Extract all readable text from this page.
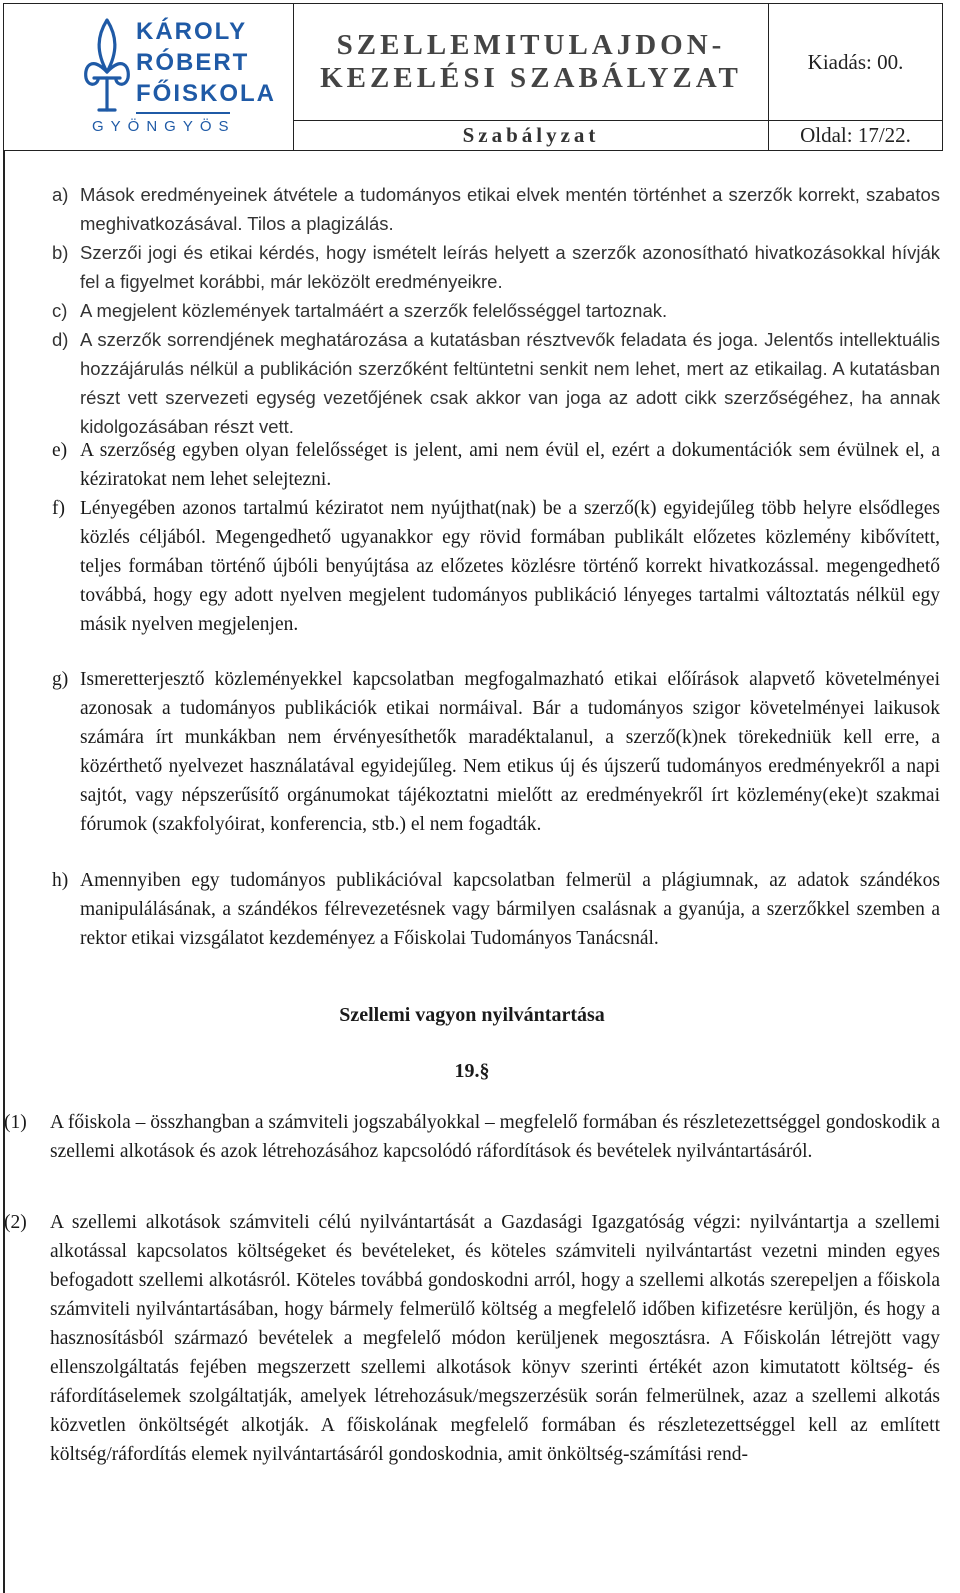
KÁROLY
RÓBERT
FŐISKOLA
GYÖNGYÖS
SZELLEMITULAJDON-
KEZELÉSI SZABÁLYZAT
Kiadás: 00.
Szabályzat	Oldal: 17/22.
a) Mások eredményeinek átvétele a tudományos etikai elvek mentén történhet a szerzők korrekt, szabatos meghivatkozásával. Tilos a plagizálás.

b) Szerzői jogi és etikai kérdés, hogy ismételt leírás helyett a szerzők azonosítható hivatkozásokkal hívják fel a figyelmet korábbi, már leközölt eredményeikre.

c) A megjelent közlemények tartalmáért a szerzők felelősséggel tartoznak.

d) A szerzők sorrendjének meghatározása a kutatásban résztvevők feladata és joga. Jelentős intellektuális hozzájárulás nélkül a publikáción szerzőként feltüntetni senkit nem lehet, mert az etikailag. A kutatásban részt vett szervezeti egység vezetőjének csak akkor van joga az adott cikk szerzőségéhez, ha annak kidolgozásában részt vett.

e) A szerzőség egyben olyan felelősséget is jelent, ami nem évül el, ezért a dokumentációk sem évülnek el, a kéziratokat nem lehet selejtezni.

f) Lényegében azonos tartalmú kéziratot nem nyújthat(nak) be a szerző(k) egyidejűleg több helyre elsődleges közlés céljából. Megengedhető ugyanakkor egy rövid formában publikált előzetes közlemény kibővített, teljes formában történő újbóli benyújtása az előzetes közlésre történő korrekt hivatkozással. megengedhető továbbá, hogy egy adott nyelven megjelent tudományos publikáció lényeges tartalmi változtatás nélkül egy másik nyelven megjelenjen.

g) Ismeretterjesztő közleményekkel kapcsolatban megfogalmazható etikai előírások alapvető követelményei azonosak a tudományos publikációk etikai normáival. Bár a tudományos szigor követelményei laikusok számára írt munkákban nem érvényesíthetők maradéktalanul, a szerző(k)nek törekedniük kell erre, a közérthető nyelvezet használatával egyidejűleg. Nem etikus új és újszerű tudományos eredményekről a napi sajtót, vagy népszerűsítő orgánumokat tájékoztatni mielőtt az eredményekről írt közlemény(eke)t szakmai fórumok (szakfolyóirat, konferencia, stb.) el nem fogadták.

h) Amennyiben egy tudományos publikációval kapcsolatban felmerül a plágiumnak, az adatok szándékos manipulálásának, a szándékos félrevezetésnek vagy bármilyen csalásnak a gyanúja, a szerzőkkel szemben a rektor etikai vizsgálatot kezdeményez a Főiskolai Tudományos Tanácsnál.

Szellemi vagyon nyilvántartása
19.§
(1) A főiskola – összhangban a számviteli jogszabályokkal – megfelelő formában és részletezettséggel gondoskodik a szellemi alkotások és azok létrehozásához kapcsolódó ráfordítások és bevételek nyilvántartásáról.

(2) A szellemi alkotások számviteli célú nyilvántartását a Gazdasági Igazgatóság végzi: nyilvántartja a szellemi alkotással kapcsolatos költségeket és bevételeket, és köteles számviteli nyilvántartást vezetni minden egyes befogadott szellemi alkotásról. Köteles továbbá gondoskodni arról, hogy a szellemi alkotás szerepeljen a főiskola számviteli nyilvántartásában, hogy bármely felmerülő költség a megfelelő időben kifizetésre kerüljön, és hogy a hasznosításból származó bevételek a megfelelő módon kerüljenek megosztásra. A Főiskolán létrejött vagy ellenszolgáltatás fejében megszerzett szellemi alkotások könyv szerinti értékét azon kimutatott költség- és ráfordításelemek szolgáltatják, amelyek létrehozásuk/megszerzésük során felmerülnek, azaz a szellemi alkotás közvetlen önköltségét alkotják. A főiskolának megfelelő formában és részletezettséggel kell az említett költség/ráfordítás elemek nyilvántartásáról gondoskodnia, amit önköltség-számítási rend-
